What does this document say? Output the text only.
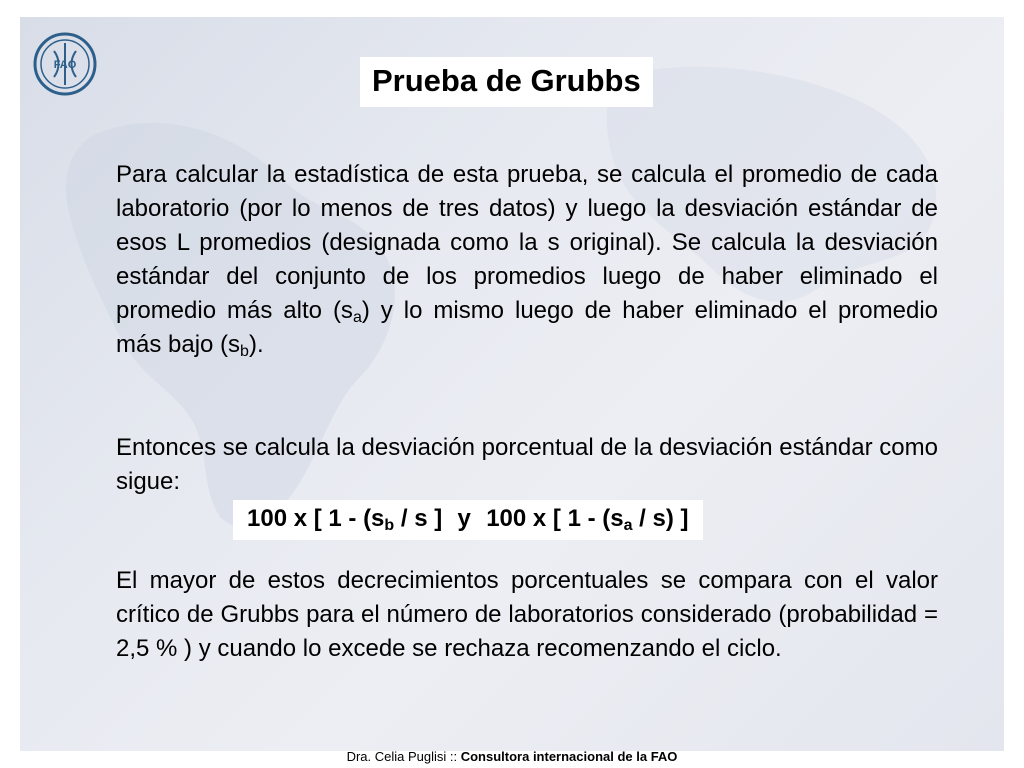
FAO	Prueba de Grubbs

Para calcular la estadística de esta prueba, se calcula el promedio de cada laboratorio (por lo menos de tres datos) y luego la desviación estándar de esos L promedios (designada como la s original). Se calcula la desviación estándar del conjunto de los promedios luego de haber eliminado el promedio más alto $(s_a)$ y lo mismo luego de haber eliminado el promedio más bajo $(s_b)$.

Entonces se calcula la desviación porcentual de la desviación estándar como sigue:

100 x [ $1 - (s_b$ / s ] y 100 x [ $1 - (s_a / s)$ ]

El mayor de estos decrecimientos porcentuales se compara con el valor crítico de Grubbs para el número de laboratorios considerado (probabilidad = 2,5 % ) y cuando lo excede se rechaza recomenzando el ciclo.

Dra. Celia Puglisi :: Consultora internacional de la FAO
